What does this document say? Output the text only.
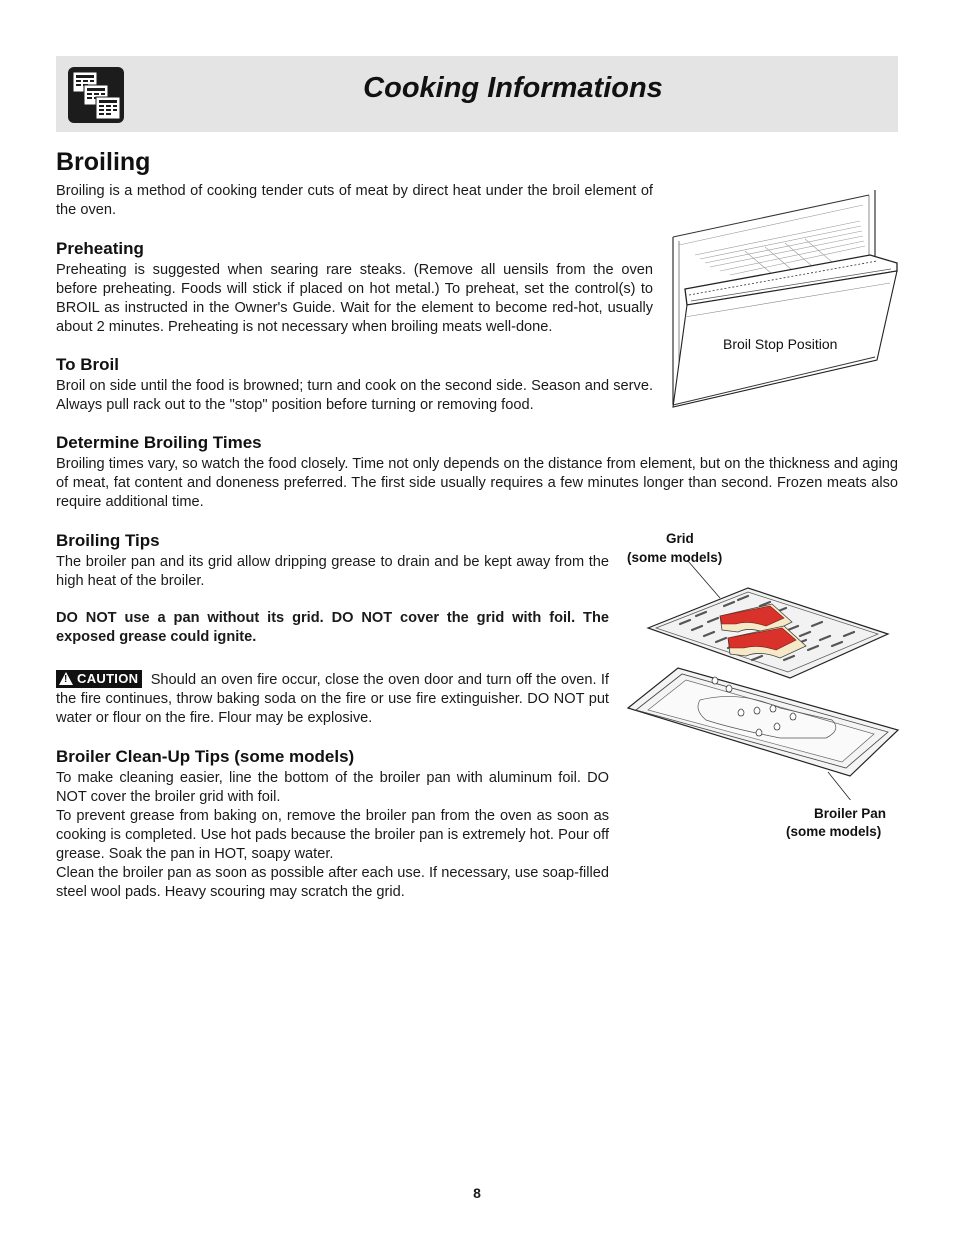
Cooking Informations
Broiling

Broiling is a method of cooking tender cuts of meat by direct heat under the broil element of the oven.

Preheating

Preheating is suggested when searing rare steaks. (Remove all uensils from the oven before preheating. Foods will stick if placed on hot metal.) To preheat, set the control(s) to BROIL as instructed in the Owner's Guide. Wait for the element to become red-hot, usually about 2 minutes. Preheating is not necessary when broiling meats well-done.

To Broil

Broil on side until the food is browned; turn and cook on the second side. Season and serve. Always pull rack out to the "stop" position before turning or removing food.

Determine Broiling Times

Broiling times vary, so watch the food closely. Time not only depends on the distance from element, but on the thickness and aging of meat, fat content and doneness preferred. The first side usually requires a few minutes longer than second. Frozen meats also require additional time.

Broiling Tips

The broiler pan and its grid allow dripping grease to drain and be kept away from the high heat of the broiler.

DO NOT use a pan without its grid. DO NOT cover the grid with foil. The exposed grease could ignite.

! CAUTION Should an oven fire occur, close the oven door and turn off the oven. If the fire continues, throw baking soda on the fire or use fire extinguisher. DO NOT put water or flour on the fire. Flour may be explosive.

Broiler Clean-Up Tips (some models)

To make cleaning easier, line the bottom of the broiler pan with aluminum foil. DO NOT cover the broiler grid with foil.

To prevent grease from baking on, remove the broiler pan from the oven as soon as cooking is completed. Use hot pads because the broiler pan is extremely hot. Pour off grease. Soak the pan in HOT, soapy water.

Clean the broiler pan as soon as possible after each use. If necessary, use soap-filled steel wool pads. Heavy scouring may scratch the grid.

Broil Stop Position

Grid

(some models)

Broiler Pan

(some models)

8
